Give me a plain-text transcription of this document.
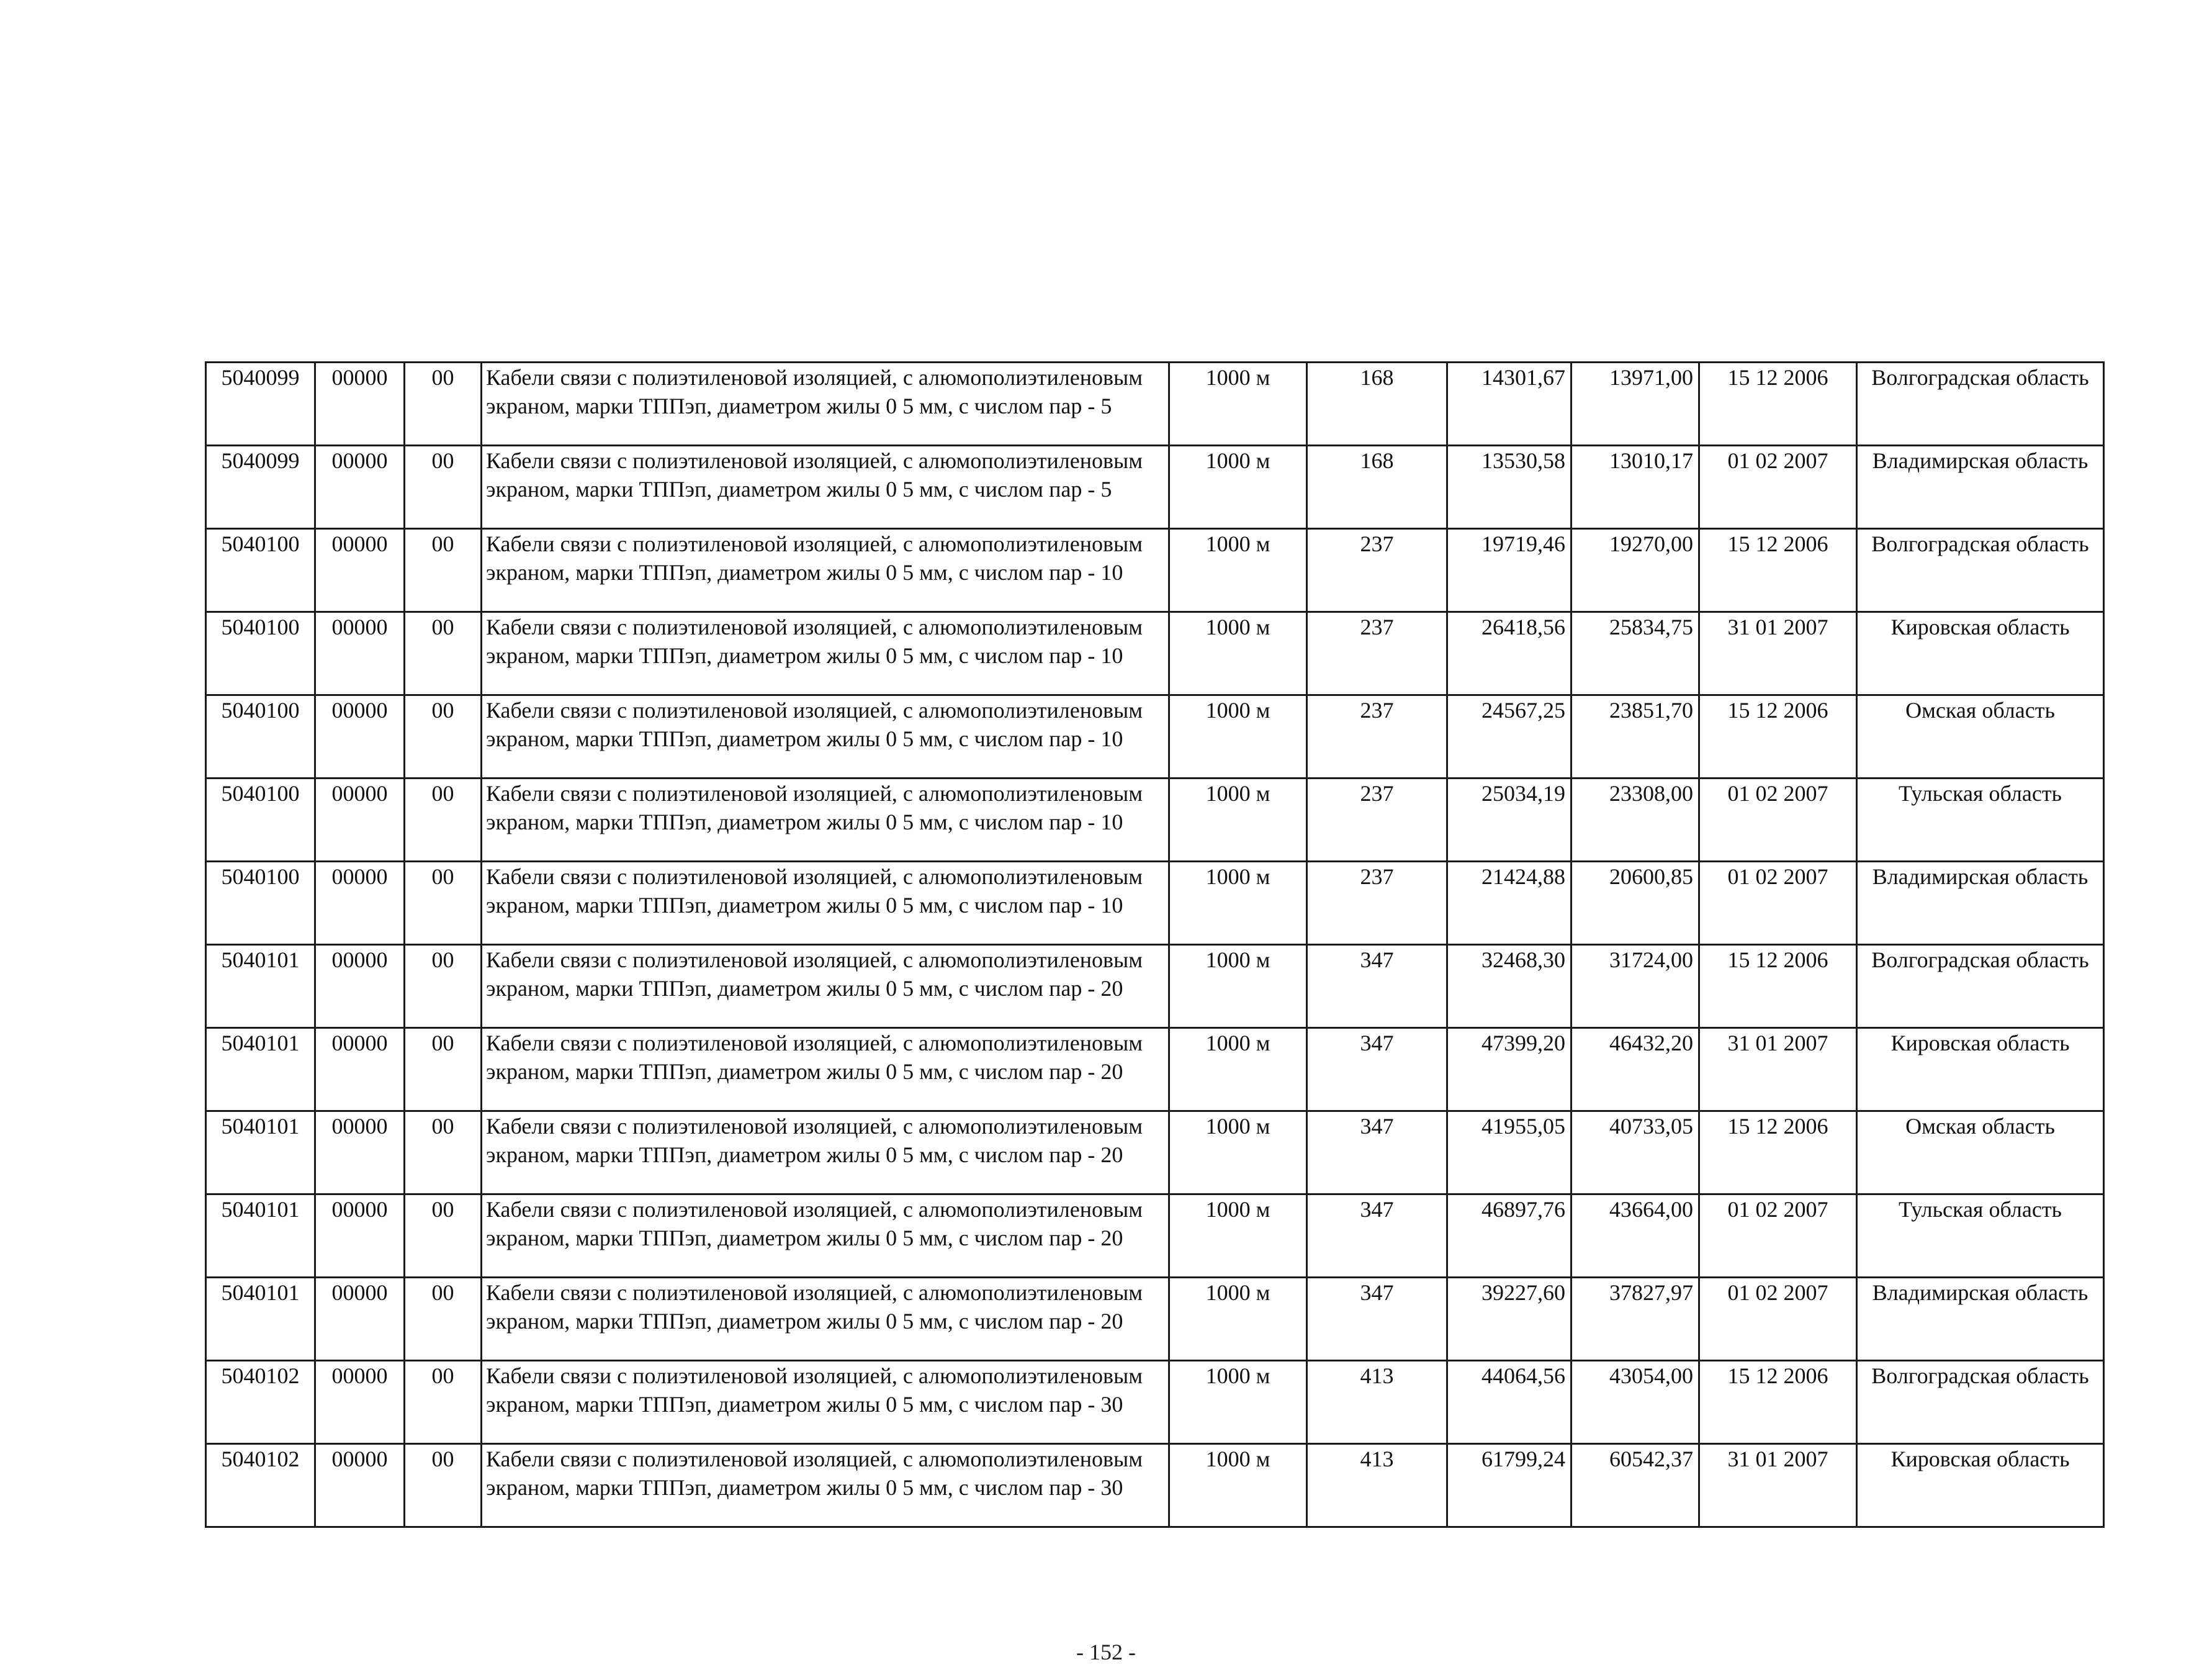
5040099	00000	00	Кабели связи с полиэтиленовой изоляцией, с алюмополиэтиленовым экраном, марки ТППэп, диаметром жилы 0 5 мм, с числом пар - 5	1000 м	168	14301,67	13971,00	15 12 2006	Волгоградская область
5040099	00000	00	Кабели связи с полиэтиленовой изоляцией, с алюмополиэтиленовым экраном, марки ТППэп, диаметром жилы 0 5 мм, с числом пар - 5	1000 м	168	13530,58	13010,17	01 02 2007	Владимирская область
5040100	00000	00	Кабели связи с полиэтиленовой изоляцией, с алюмополиэтиленовым экраном, марки ТППэп, диаметром жилы 0 5 мм, с числом пар - 10	1000 м	237	19719,46	19270,00	15 12 2006	Волгоградская область
5040100	00000	00	Кабели связи с полиэтиленовой изоляцией, с алюмополиэтиленовым экраном, марки ТППэп, диаметром жилы 0 5 мм, с числом пар - 10	1000 м	237	26418,56	25834,75	31 01 2007	Кировская область
5040100	00000	00	Кабели связи с полиэтиленовой изоляцией, с алюмополиэтиленовым экраном, марки ТППэп, диаметром жилы 0 5 мм, с числом пар - 10	1000 м	237	24567,25	23851,70	15 12 2006	Омская область
5040100	00000	00	Кабели связи с полиэтиленовой изоляцией, с алюмополиэтиленовым экраном, марки ТППэп, диаметром жилы 0 5 мм, с числом пар - 10	1000 м	237	25034,19	23308,00	01 02 2007	Тульская область
5040100	00000	00	Кабели связи с полиэтиленовой изоляцией, с алюмополиэтиленовым экраном, марки ТППэп, диаметром жилы 0 5 мм, с числом пар - 10	1000 м	237	21424,88	20600,85	01 02 2007	Владимирская область
5040101	00000	00	Кабели связи с полиэтиленовой изоляцией, с алюмополиэтиленовым экраном, марки ТППэп, диаметром жилы 0 5 мм, с числом пар - 20	1000 м	347	32468,30	31724,00	15 12 2006	Волгоградская область
5040101	00000	00	Кабели связи с полиэтиленовой изоляцией, с алюмополиэтиленовым экраном, марки ТППэп, диаметром жилы 0 5 мм, с числом пар - 20	1000 м	347	47399,20	46432,20	31 01 2007	Кировская область
5040101	00000	00	Кабели связи с полиэтиленовой изоляцией, с алюмополиэтиленовым экраном, марки ТППэп, диаметром жилы 0 5 мм, с числом пар - 20	1000 м	347	41955,05	40733,05	15 12 2006	Омская область
5040101	00000	00	Кабели связи с полиэтиленовой изоляцией, с алюмополиэтиленовым экраном, марки ТППэп, диаметром жилы 0 5 мм, с числом пар - 20	1000 м	347	46897,76	43664,00	01 02 2007	Тульская область
5040101	00000	00	Кабели связи с полиэтиленовой изоляцией, с алюмополиэтиленовым экраном, марки ТППэп, диаметром жилы 0 5 мм, с числом пар - 20	1000 м	347	39227,60	37827,97	01 02 2007	Владимирская область
5040102	00000	00	Кабели связи с полиэтиленовой изоляцией, с алюмополиэтиленовым экраном, марки ТППэп, диаметром жилы 0 5 мм, с числом пар - 30	1000 м	413	44064,56	43054,00	15 12 2006	Волгоградская область
5040102	00000	00	Кабели связи с полиэтиленовой изоляцией, с алюмополиэтиленовым экраном, марки ТППэп, диаметром жилы 0 5 мм, с числом пар - 30	1000 м	413	61799,24	60542,37	31 01 2007	Кировская область
- 152 -
